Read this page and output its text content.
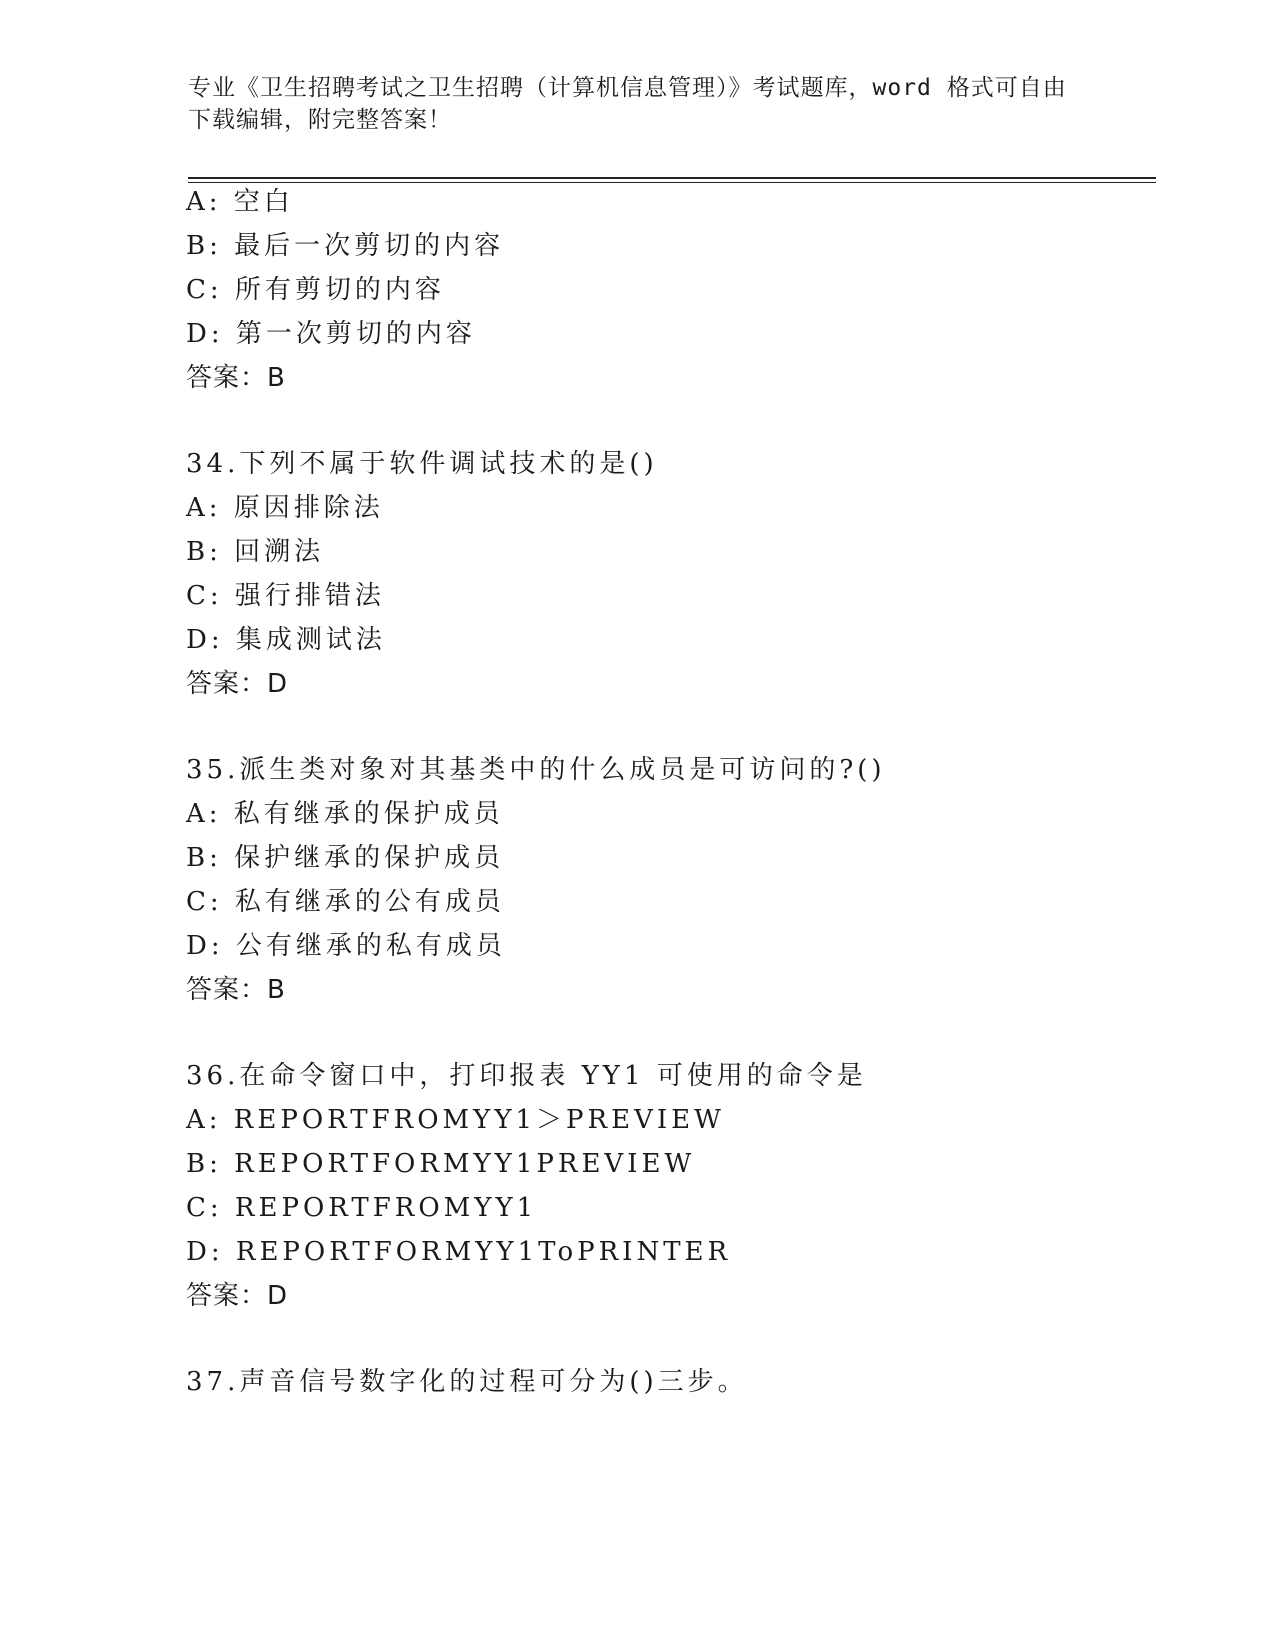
专业《卫生招聘考试之卫生招聘（计算机信息管理）》考试题库，word 格式可自由下载编辑，附完整答案！
A: 空白
B: 最后一次剪切的内容
C: 所有剪切的内容
D: 第一次剪切的内容
答案：B
34.下列不属于软件调试技术的是()
A: 原因排除法
B: 回溯法
C: 强行排错法
D: 集成测试法
答案：D
35.派生类对象对其基类中的什么成员是可访问的?()
A: 私有继承的保护成员
B: 保护继承的保护成员
C: 私有继承的公有成员
D: 公有继承的私有成员
答案：B
36.在命令窗口中，打印报表 YY1 可使用的命令是
A: REPORTFROMYY1＞PREVIEW
B: REPORTFORMYY1PREVIEW
C: REPORTFROMYY1
D: REPORTFORMYY1ToPRINTER
答案：D
37.声音信号数字化的过程可分为()三步。
